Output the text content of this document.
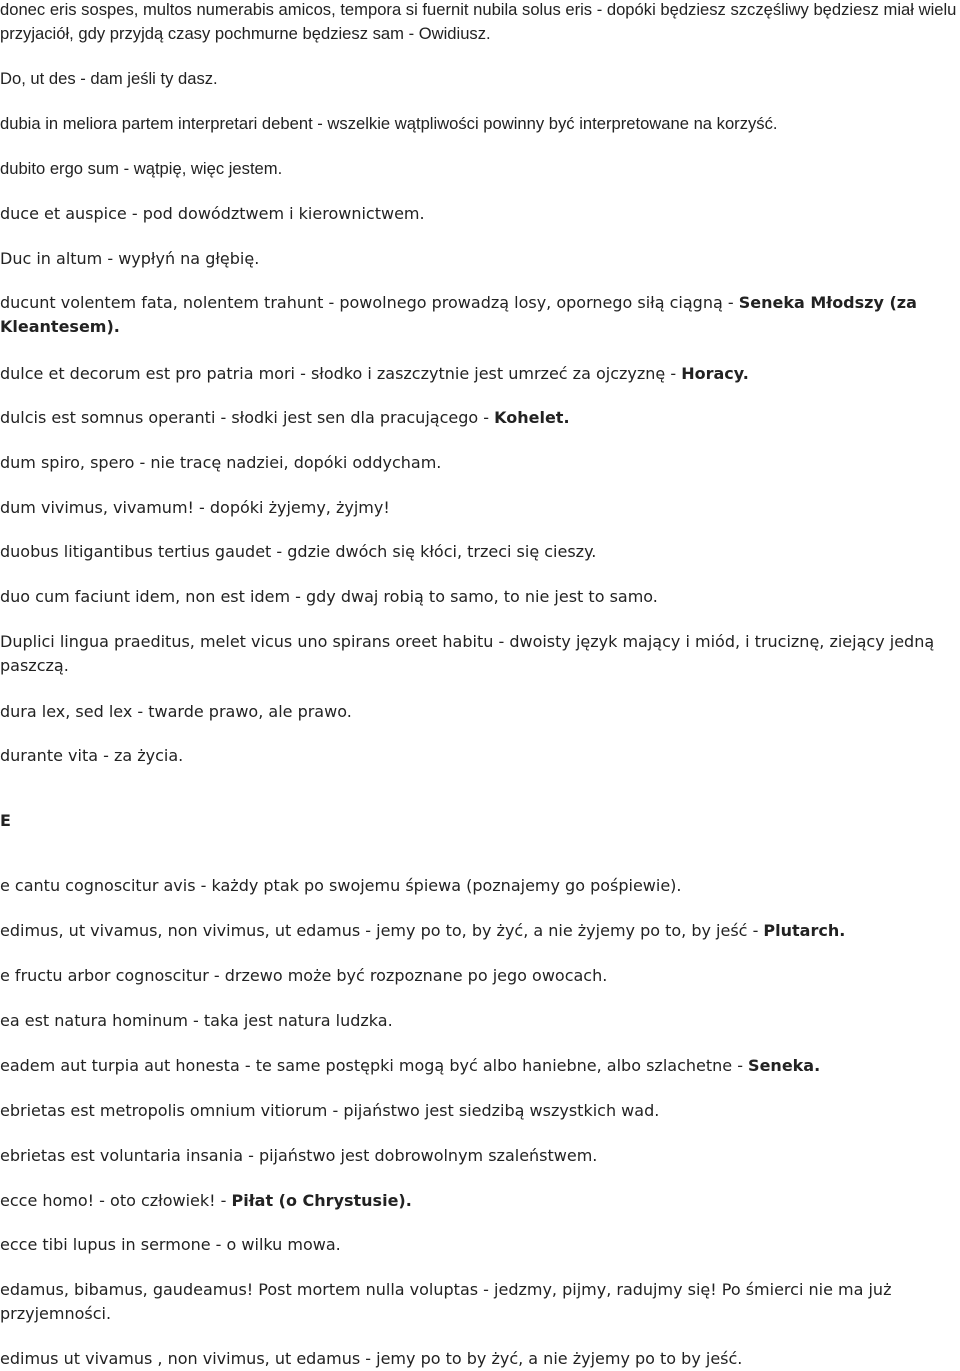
donec eris sospes, multos numerabis amicos, tempora si fuernit nubila solus eris - dopóki będziesz szczęśliwy będziesz miał wielu przyjaciół, gdy przyjdą czasy pochmurne będziesz sam - Owidiusz.

Do, ut des - dam jeśli ty dasz.

dubia in meliora partem interpretari debent - wszelkie wątpliwości powinny być interpretowane na korzyść.

dubito ergo sum - wątpię, więc jestem.

duce et auspice - pod dowództwem i kierownictwem.

Duc in altum - wypłyń na głębię.

ducunt volentem fata, nolentem trahunt - powolnego prowadzą losy, opornego siłą ciągną - Seneka Młodszy (za Kleantesem).

dulce et decorum est pro patria mori - słodko i zaszczytnie jest umrzeć za ojczyznę - Horacy.

dulcis est somnus operanti - słodki jest sen dla pracującego - Kohelet.

dum spiro, spero - nie tracę nadziei, dopóki oddycham.

dum vivimus, vivamum! - dopóki żyjemy, żyjmy!

duobus litigantibus tertius gaudet - gdzie dwóch się kłóci, trzeci się cieszy.

duo cum faciunt idem, non est idem - gdy dwaj robią to samo, to nie jest to samo.

Duplici lingua praeditus, melet vicus uno spirans oreet habitu - dwoisty język mający i miód, i truciznę, ziejący jedną paszczą.

dura lex, sed lex - twarde prawo, ale prawo.

durante vita - za życia.

E

e cantu cognoscitur avis - każdy ptak po swojemu śpiewa (poznajemy go pośpiewie).

edimus, ut vivamus, non vivimus, ut edamus - jemy po to, by żyć, a nie żyjemy po to, by jeść - Plutarch.

e fructu arbor cognoscitur - drzewo może być rozpoznane po jego owocach.

ea est natura hominum - taka jest natura ludzka.

eadem aut turpia aut honesta - te same postępki mogą być albo haniebne, albo szlachetne - Seneka.

ebrietas est metropolis omnium vitiorum - pijaństwo jest siedzibą wszystkich wad.

ebrietas est voluntaria insania - pijaństwo jest dobrowolnym szaleństwem.

ecce homo! - oto człowiek! - Piłat (o Chrystusie).

ecce tibi lupus in sermone - o wilku mowa.

edamus, bibamus, gaudeamus! Post mortem nulla voluptas - jedzmy, pijmy, radujmy się! Po śmierci nie ma już przyjemności.

edimus ut vivamus , non vivimus, ut edamus - jemy po to by żyć, a nie żyjemy po to by jeść.
